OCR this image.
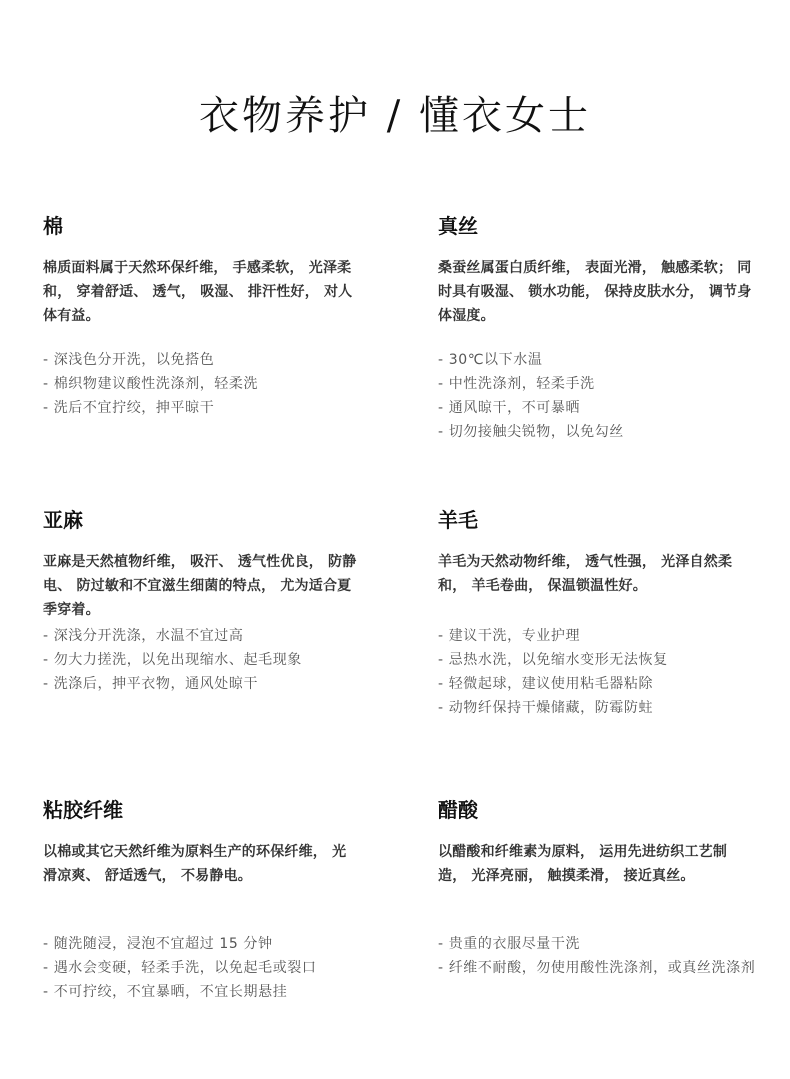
衣物养护 / 懂衣女士
棉

棉质面料属于天然环保纤维， 手感柔软， 光泽柔和， 穿着舒适、 透气， 吸湿、 排汗性好， 对人体有益。

- 深浅色分开洗，以免搭色
- 棉织物建议酸性洗涤剂，轻柔洗
- 洗后不宜拧绞，抻平晾干
真丝

桑蚕丝属蛋白质纤维， 表面光滑， 触感柔软； 同时具有吸湿、 锁水功能， 保持皮肤水分， 调节身体湿度。

- 30℃以下水温
- 中性洗涤剂，轻柔手洗
- 通风晾干，不可暴晒
- 切勿接触尖锐物，以免勾丝
亚麻

亚麻是天然植物纤维， 吸汗、 透气性优良， 防静电、 防过敏和不宜滋生细菌的特点， 尤为适合夏季穿着。

- 深浅分开洗涤，水温不宜过高
- 勿大力搓洗，以免出现缩水、起毛现象
- 洗涤后，抻平衣物，通风处晾干
羊毛

羊毛为天然动物纤维， 透气性强， 光泽自然柔和， 羊毛卷曲， 保温锁温性好。

- 建议干洗，专业护理
- 忌热水洗，以免缩水变形无法恢复
- 轻微起球，建议使用粘毛器粘除
- 动物纤保持干燥储藏，防霉防蛀
粘胶纤维

以棉或其它天然纤维为原料生产的环保纤维， 光滑凉爽、 舒适透气， 不易静电。

- 随洗随浸，浸泡不宜超过 15 分钟
- 遇水会变硬，轻柔手洗，以免起毛或裂口
- 不可拧绞，不宜暴晒，不宜长期悬挂
醋酸

以醋酸和纤维素为原料， 运用先进纺织工艺制造， 光泽亮丽， 触摸柔滑， 接近真丝。

- 贵重的衣服尽量干洗
- 纤维不耐酸，勿使用酸性洗涤剂，或真丝洗涤剂
